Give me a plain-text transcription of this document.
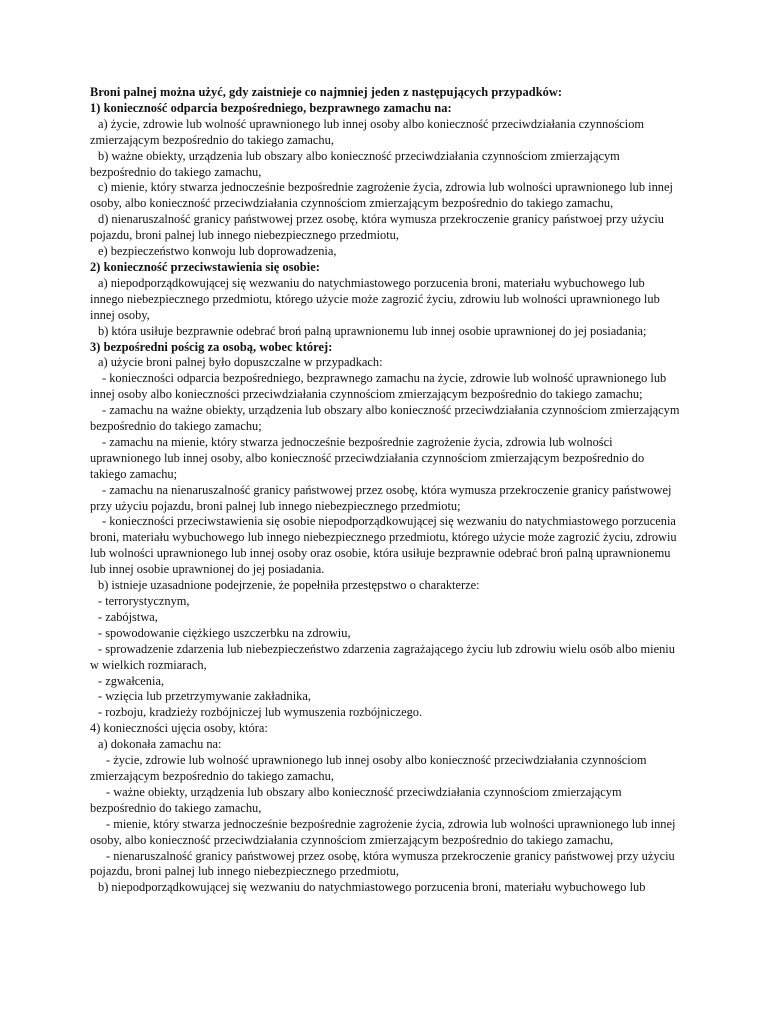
Broni palnej można użyć, gdy zaistnieje co najmniej jeden z następujących przypadków:

1) konieczność odparcia bezpośredniego, bezprawnego zamachu na:

a) życie, zdrowie lub wolność uprawnionego lub innej osoby albo konieczność przeciwdziałania czynnościom zmierzającym bezpośrednio do takiego zamachu,

b) ważne obiekty, urządzenia lub obszary albo konieczność przeciwdziałania czynnościom zmierzającym bezpośrednio do takiego zamachu,

c) mienie, który stwarza jednocześnie bezpośrednie zagrożenie życia, zdrowia lub wolności uprawnionego lub innej osoby, albo konieczność przeciwdziałania czynnościom zmierzającym bezpośrednio do takiego zamachu,

d) nienaruszalność granicy państwowej przez osobę, która wymusza przekroczenie granicy państwoej przy użyciu pojazdu, broni palnej lub innego niebezpiecznego przedmiotu,

e) bezpieczeństwo konwoju lub doprowadzenia,

2) konieczność przeciwstawienia się osobie:

a) niepodporządkowującej się wezwaniu do natychmiastowego porzucenia broni, materiału wybuchowego lub innego niebezpiecznego przedmiotu, którego użycie może zagrozić życiu, zdrowiu lub wolności uprawnionego lub innej osoby,

b) która usiłuje bezprawnie odebrać broń palną uprawnionemu lub innej osobie uprawnionej do jej posiadania;

3) bezpośredni pościg za osobą, wobec której:

a) użycie broni palnej było dopuszczalne w przypadkach:

- konieczności odparcia bezpośredniego, bezprawnego zamachu na życie, zdrowie lub wolność uprawnionego lub innej osoby albo konieczności przeciwdziałania czynnościom zmierzającym bezpośrednio do takiego zamachu;

- zamachu na ważne obiekty, urządzenia lub obszary albo konieczność przeciwdziałania czynnościom zmierzającym bezpośrednio do takiego zamachu;

- zamachu na mienie, który stwarza jednocześnie bezpośrednie zagrożenie życia, zdrowia lub wolności uprawnionego lub innej osoby, albo konieczność przeciwdziałania czynnościom zmierzającym bezpośrednio do takiego zamachu;

- zamachu na nienaruszalność granicy państwowej przez osobę, która wymusza przekroczenie granicy państwowej przy użyciu pojazdu, broni palnej lub innego niebezpiecznego przedmiotu;

- konieczności przeciwstawienia się osobie niepodporządkowującej się wezwaniu do natychmiastowego porzucenia broni, materiału wybuchowego lub innego niebezpiecznego przedmiotu, którego użycie może zagrozić życiu, zdrowiu lub wolności uprawnionego lub innej osoby oraz osobie, która usiłuje bezprawnie odebrać broń palną uprawnionemu lub innej osobie uprawnionej do jej posiadania.

b) istnieje uzasadnione podejrzenie, że popełniła przestępstwo o charakterze:

- terrorystycznym,

- zabójstwa,

- spowodowanie ciężkiego uszczerbku na zdrowiu,

- sprowadzenie zdarzenia lub niebezpieczeństwo zdarzenia zagrażającego życiu lub zdrowiu wielu osób albo mieniu w wielkich rozmiarach,

- zgwałcenia,

- wzięcia lub przetrzymywanie zakładnika,

- rozboju, kradzieży rozbójniczej lub wymuszenia rozbójniczego.

4) konieczności ujęcia osoby, która:

a) dokonała zamachu na:

- życie, zdrowie lub wolność uprawnionego lub innej osoby albo konieczność przeciwdziałania czynnościom zmierzającym bezpośrednio do takiego zamachu,

- ważne obiekty, urządzenia lub obszary albo konieczność przeciwdziałania czynnościom zmierzającym bezpośrednio do takiego zamachu,

- mienie, który stwarza jednocześnie bezpośrednie zagrożenie życia, zdrowia lub wolności uprawnionego lub innej osoby, albo konieczność przeciwdziałania czynnościom zmierzającym bezpośrednio do takiego zamachu,

- nienaruszalność granicy państwowej przez osobę, która wymusza przekroczenie granicy państwowej przy użyciu pojazdu, broni palnej lub innego niebezpiecznego przedmiotu,

b) niepodporządkowującej się wezwaniu do natychmiastowego porzucenia broni, materiału wybuchowego lub
